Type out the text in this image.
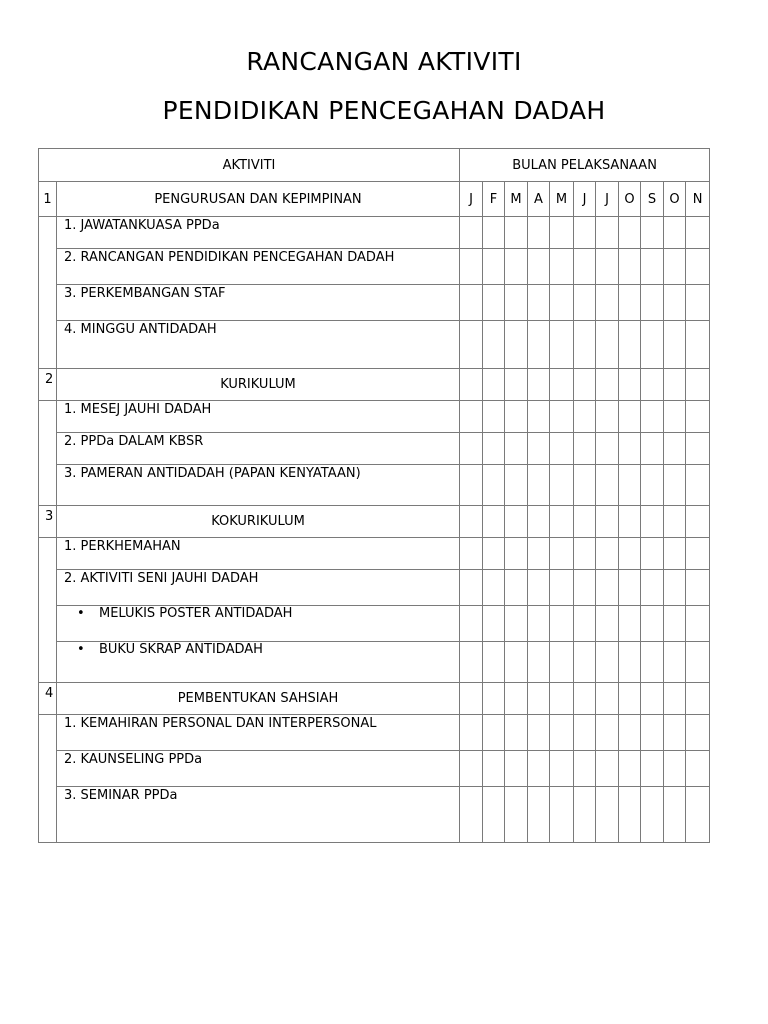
RANCANGAN AKTIVITI
PENDIDIKAN PENCEGAHAN DADAH
AKTIVITI		BULAN PELAKSANAAN										
1	PENGURUSAN DAN KEPIMPINAN	J	F	M	A	M	J	J	O	S	O	N
	1. JAWATANKUASA PPDa											
	2. RANCANGAN PENDIDIKAN PENCEGAHAN DADAH											
	3. PERKEMBANGAN STAF											
	4. MINGGU ANTIDADAH											
2	KURIKULUM											
	1. MESEJ JAUHI DADAH											
	2. PPDa DALAM KBSR											
	3. PAMERAN ANTIDADAH (PAPAN KENYATAAN)											
3	KOKURIKULUM											
	1. PERKHEMAHAN											
	2. AKTIVITI SENI JAUHI DADAH											
	• MELUKIS POSTER ANTIDADAH											
	• BUKU SKRAP ANTIDADAH											
4	PEMBENTUKAN SAHSIAH											
	1. KEMAHIRAN PERSONAL DAN INTERPERSONAL											
	2. KAUNSELING PPDa											
	3. SEMINAR PPDa											
